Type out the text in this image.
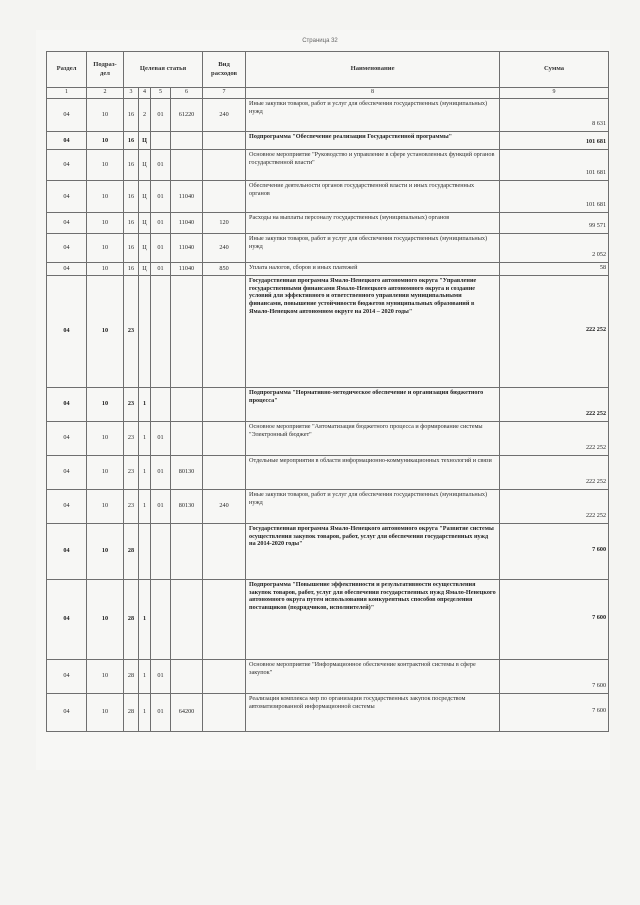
Страница 32
Раздел	Подраз-дел	Целевая статья				Вид расходов	Наименование	Сумма
1	2	3	4	5	6	7	8	9
04	10	16	2	01	61220	240	Иные закупки товаров, работ и услуг для обеспечения государственных (муниципальных) нужд	8 631
04	10	16	Ц				Подпрограмма "Обеспечение реализации Государственной программы"	101 681
04	10	16	Ц	01			Основное мероприятие "Руководство и управление в сфере установленных функций органов государственной власти"	101 681
04	10	16	Ц	01	11040		Обеспечение деятельности органов государственной власти и иных государственных органов	101 681
04	10	16	Ц	01	11040	120	Расходы на выплаты персоналу государственных (муниципальных) органов	99 571
04	10	16	Ц	01	11040	240	Иные закупки товаров, работ и услуг для обеспечения государственных (муниципальных) нужд	2 052
04	10	16	Ц	01	11040	850	Уплата налогов, сборов и иных платежей	58
04	10	23					Государственная программа Ямало-Ненецкого автономного округа "Управление государственными финансами Ямало-Ненецкого автономного округа и создание условий для эффективного и ответственного управления муниципальными финансами, повышение устойчивости бюджетов муниципальных образований в Ямало-Ненецком автономном округе на 2014 – 2020 годы"	222 252
04	10	23	1				Подпрограмма "Нормативно-методическое обеспечение и организация бюджетного процесса"	222 252
04	10	23	1	01			Основное мероприятие "Автоматизация бюджетного процесса и формирование системы "Электронный бюджет"	222 252
04	10	23	1	01	80130		Отдельные мероприятия в области информационно-коммуникационных технологий и связи	222 252
04	10	23	1	01	80130	240	Иные закупки товаров, работ и услуг для обеспечения государственных (муниципальных) нужд	222 252
04	10	28					Государственная программа Ямало-Ненецкого автономного округа "Развитие системы осуществления закупок товаров, работ, услуг для обеспечения государственных нужд на 2014-2020 годы"	7 600
04	10	28	1				Подпрограмма "Повышение эффективности и результативности осуществления закупок товаров, работ, услуг для обеспечения государственных нужд Ямало-Ненецкого автономного округа путем использования конкурентных способов определения поставщиков (подрядчиков, исполнителей)"	7 600
04	10	28	1	01			Основное мероприятие "Информационное обеспечение контрактной системы в сфере закупок"	7 600
04	10	28	1	01	64200		Реализация комплекса мер по организации государственных закупок посредством автоматизированной информационной системы	7 600
